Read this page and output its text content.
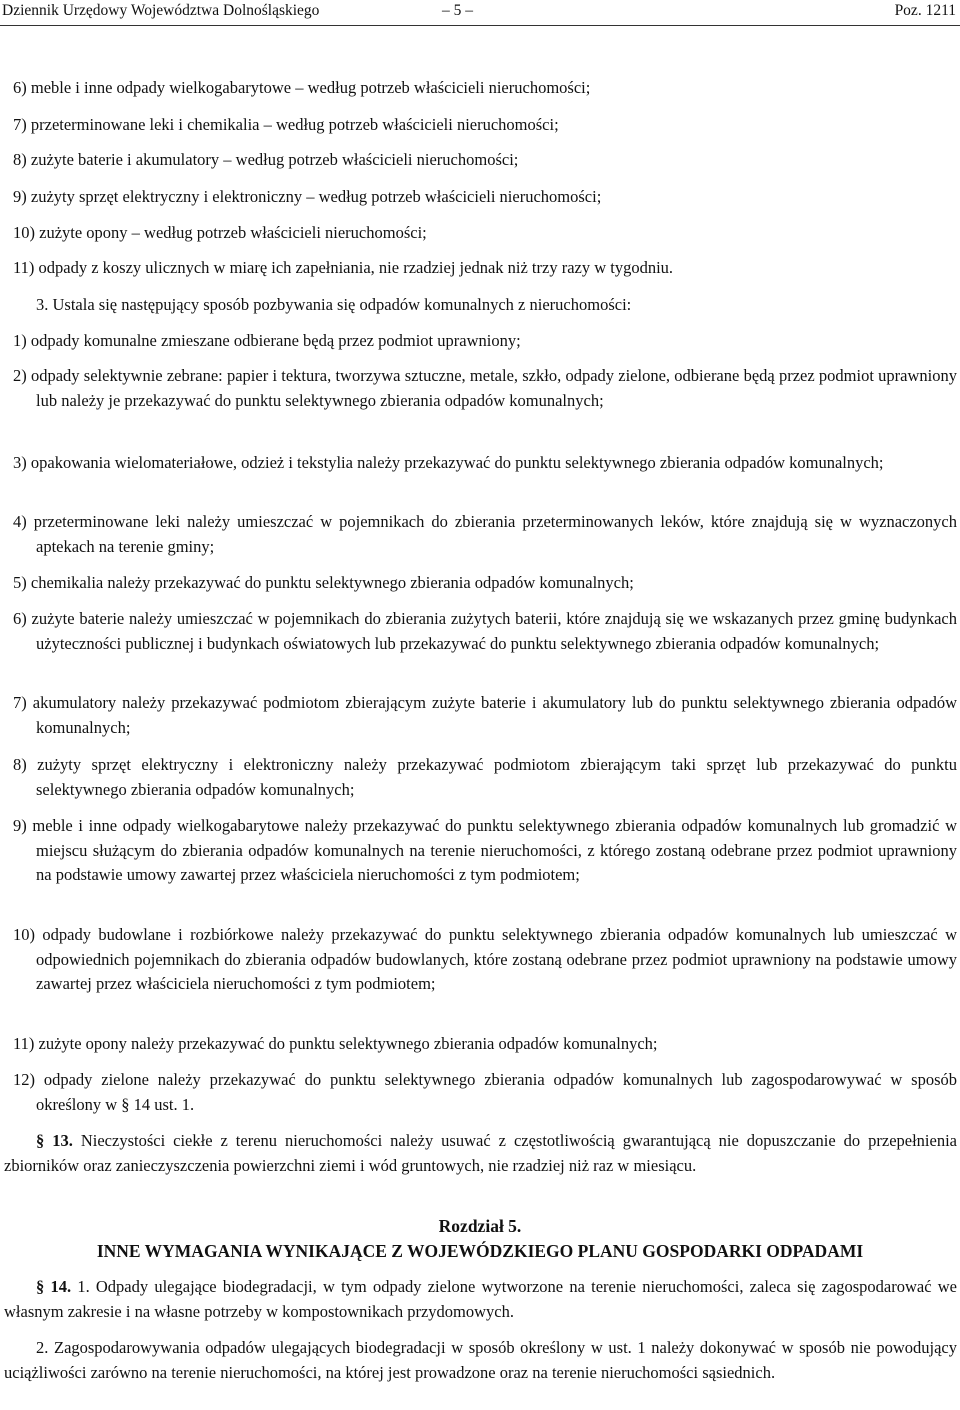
Dziennik Urzędowy Województwa Dolnośląskiego	– 5 –	Poz. 1211
6) meble i inne odpady wielkogabarytowe – według potrzeb właścicieli nieruchomości;
7) przeterminowane leki i chemikalia – według potrzeb właścicieli nieruchomości;
8) zużyte baterie i akumulatory – według potrzeb właścicieli nieruchomości;
9) zużyty sprzęt elektryczny i elektroniczny – według potrzeb właścicieli nieruchomości;
10) zużyte opony – według potrzeb właścicieli nieruchomości;
11) odpady z koszy ulicznych w miarę ich zapełniania, nie rzadziej jednak niż trzy razy w tygodniu.
3. Ustala się następujący sposób pozbywania się odpadów komunalnych z nieruchomości:
1) odpady komunalne zmieszane odbierane będą przez podmiot uprawniony;
2) odpady selektywnie zebrane: papier i tektura, tworzywa sztuczne, metale, szkło, odpady zielone, odbierane będą przez podmiot uprawniony lub należy je przekazywać do punktu selektywnego zbierania odpadów komunalnych;
3) opakowania wielomateriałowe, odzież i tekstylia należy przekazywać do punktu selektywnego zbierania odpadów komunalnych;
4) przeterminowane leki należy umieszczać w pojemnikach do zbierania przeterminowanych leków, które znajdują się w wyznaczonych aptekach na terenie gminy;
5) chemikalia należy przekazywać do punktu selektywnego zbierania odpadów komunalnych;
6) zużyte baterie należy umieszczać w pojemnikach do zbierania zużytych baterii, które znajdują się we wskazanych przez gminę budynkach użyteczności publicznej i budynkach oświatowych lub przekazywać do punktu selektywnego zbierania odpadów komunalnych;
7) akumulatory należy przekazywać podmiotom zbierającym zużyte baterie i akumulatory lub do punktu selektywnego zbierania odpadów komunalnych;
8) zużyty sprzęt elektryczny i elektroniczny należy przekazywać podmiotom zbierającym taki sprzęt lub przekazywać do punktu selektywnego zbierania odpadów komunalnych;
9) meble i inne odpady wielkogabarytowe należy przekazywać do punktu selektywnego zbierania odpadów komunalnych lub gromadzić w miejscu służącym do zbierania odpadów komunalnych na terenie nieruchomości, z którego zostaną odebrane przez podmiot uprawniony na podstawie umowy zawartej przez właściciela nieruchomości z tym podmiotem;
10) odpady budowlane i rozbiórkowe należy przekazywać do punktu selektywnego zbierania odpadów komunalnych lub umieszczać w odpowiednich pojemnikach do zbierania odpadów budowlanych, które zostaną odebrane przez podmiot uprawniony na podstawie umowy zawartej przez właściciela nieruchomości z tym podmiotem;
11) zużyte opony należy przekazywać do punktu selektywnego zbierania odpadów komunalnych;
12) odpady zielone należy przekazywać do punktu selektywnego zbierania odpadów komunalnych lub zagospodarowywać w sposób określony w § 14 ust. 1.
§ 13. Nieczystości ciekłe z terenu nieruchomości należy usuwać z częstotliwością gwarantującą nie dopuszczanie do przepełnienia zbiorników oraz zanieczyszczenia powierzchni ziemi i wód gruntowych, nie rzadziej niż raz w miesiącu.
Rozdział 5.
INNE WYMAGANIA WYNIKAJĄCE Z WOJEWÓDZKIEGO PLANU GOSPODARKI ODPADAMI
§ 14. 1. Odpady ulegające biodegradacji, w tym odpady zielone wytworzone na terenie nieruchomości, zaleca się zagospodarować we własnym zakresie i na własne potrzeby w kompostownikach przydomowych.
2. Zagospodarowywania odpadów ulegających biodegradacji w sposób określony w ust. 1 należy dokonywać w sposób nie powodujący uciążliwości zarówno na terenie nieruchomości, na której jest prowadzone oraz na terenie nieruchomości sąsiednich.
